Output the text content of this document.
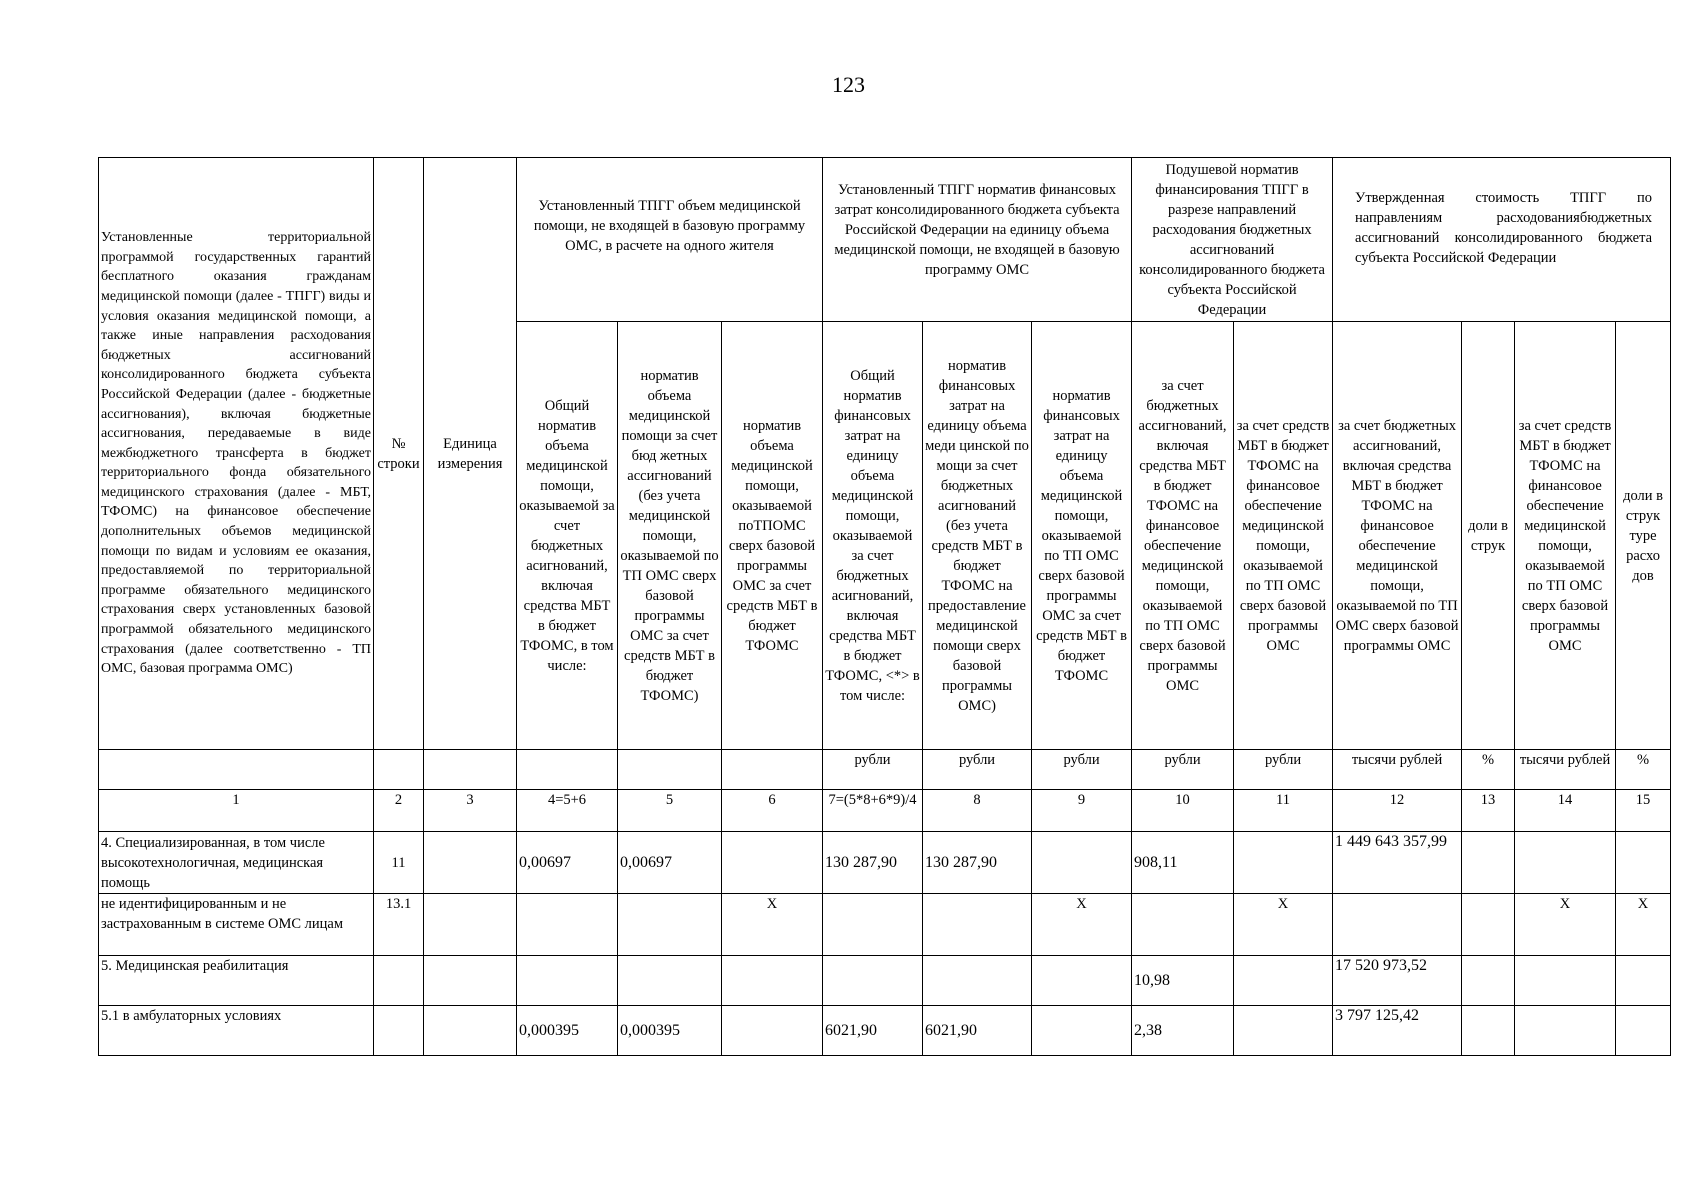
123
Установленные территориальной программой государственных гарантий бесплатного оказания гражданам медицинской помощи (далее - ТПГГ) виды и условия оказания медицинской помощи, а также иные направления расходования бюджетных ассигнований консолидированного бюджета субъекта Российской Федерации (далее - бюджетные ассигнования), включая бюджетные ассигнования, передаваемые в виде межбюджетного трансферта в бюджет территориального фонда обязательного медицинского страхования (далее - МБТ, ТФОМС) на финансовое обеспечение дополнительных объемов медицинской помощи по видам и условиям ее оказания, предоставляемой по территориальной программе обязательного медицинского страхования сверх установленных базовой программой обязательного медицинского страхования (далее соответственно - ТП ОМС, базовая программа ОМС)	№ строки	Единица измерения	Установленный ТПГГ объем медицинской помощи, не входящей в базовую программу ОМС, в расчете на одного жителя			Установленный ТПГГ норматив финансовых затрат консолидированного бюджета субъекта Российской Федерации на единицу объема медицинской помощи, не входящей в базовую программу ОМС			Подушевой норматив финансирования ТПГГ в разрезе направлений расходования бюджетных ассигнований консолидированного бюджета субъекта Российской Федерации		Утвержденная стоимость ТПГГ по направлениям расходованиябюджетных ассигнований консолидированного бюджета субъекта Российской Федерации			
			Общий норматив объема медицинской помощи, оказываемой за счет бюджетных асигнований, включая средства МБТ в бюджет ТФОМС, в том числе:	норматив объема медицинской помощи за счет бюд жетных ассигнований (без учета медицинской помощи, оказываемой по ТП ОМС сверх базовой программы ОМС за счет средств МБТ в бюджет ТФОМС)	норматив объема медицинской помощи, оказываемой поТПОМС сверх базовой программы ОМС за счет средств МБТ в бюджет ТФОМС	Общий норматив финансовых затрат на единицу объема медицинской помощи, оказываемой за счет бюджетных асигнований, включая средства МБТ в бюджет ТФОМС, <*> в том числе:	норматив финансовых затрат на единицу объема меди цинской по мощи за счет бюджетных асигнований (без учета средств МБТ в бюджет ТФОМС на предоставление медицинской помощи сверх базовой программы ОМС)	норматив финансовых затрат на единицу объема медицинской помощи, оказываемой по ТП ОМС сверх базовой программы ОМС за счет средств МБТ в бюджет ТФОМС	за счет бюджетных ассигнований, включая средства МБТ в бюджет ТФОМС на финансовое обеспечение медицинской помощи, оказываемой по ТП ОМС сверх базовой программы ОМС	за счет средств МБТ в бюджет ТФОМС на финансовое обеспечение медицинской помощи, оказываемой по ТП ОМС сверх базовой программы ОМС	за счет бюджетных ассигнований, включая средства МБТ в бюджет ТФОМС на финансовое обеспечение медицинской помощи, оказываемой по ТП ОМС сверх базовой программы ОМС	доли в струк	за счет средств МБТ в бюджет ТФОМС на финансовое обеспечение медицинской помощи, оказываемой по ТП ОМС сверх базовой программы ОМС	доли в струк туре расхо дов
						рубли	рубли	рубли	рубли	рубли	тысячи рублей	%	тысячи рублей	%
1	2	3	4=5+6	5	6	7=(5*8+6*9)/4	8	9	10	11	12	13	14	15
4. Специализированная, в том числе высокотехнологичная, медицинская помощь	11		0,00697	0,00697		130 287,90	130 287,90		908,11		1 449 643 357,99			
не идентифицированным и не застрахованным в системе ОМС лицам	13.1				X			X		X			X	X
5. Медицинская реабилитация									10,98		17 520 973,52			
5.1 в амбулаторных условиях			0,000395	0,000395		6021,90	6021,90		2,38		3 797 125,42			
